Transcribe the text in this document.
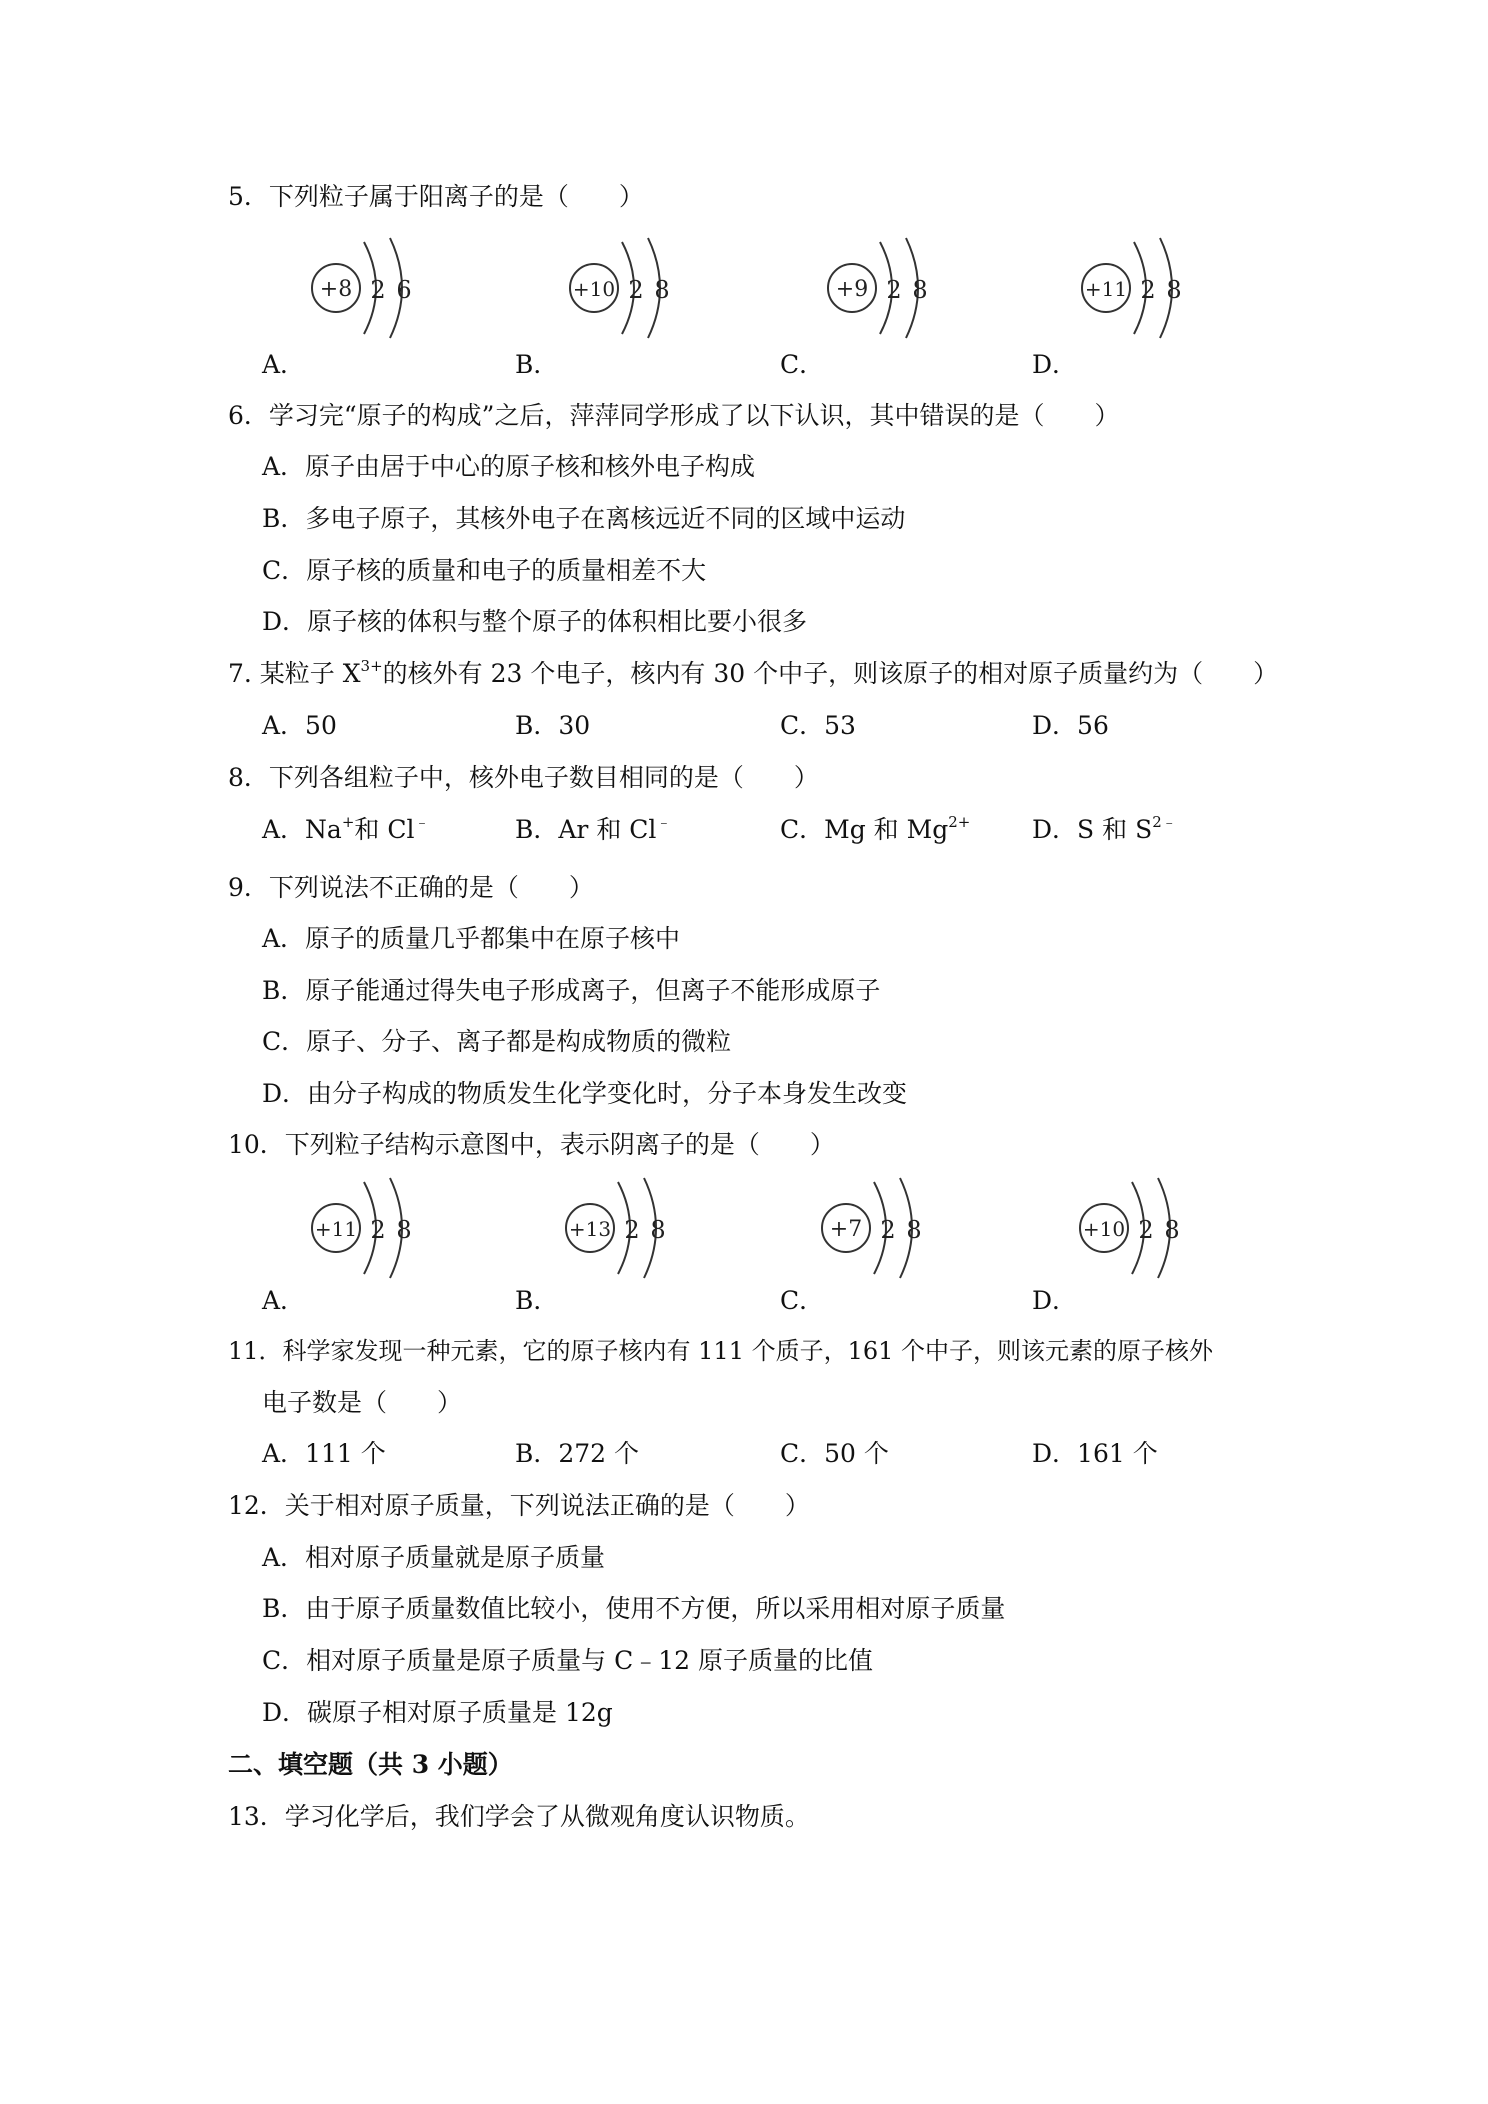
5．下列粒子属于阳离子的是（　　）
A．
+8 2 6
B．
+10 2 8
C．
+9 2 8
D．
+11 2 8
6．学习完“原子的构成”之后，萍萍同学形成了以下认识，其中错误的是（　　）
A．原子由居于中心的原子核和核外电子构成
B．多电子原子，其核外电子在离核远近不同的区域中运动
C．原子核的质量和电子的质量相差不大
D．原子核的体积与整个原子的体积相比要小很多
7. 某粒子 $X^{3+}$的核外有 23 个电子，核内有 30 个中子，则该原子的相对原子质量约为（　　）
A．50	B．30	C．53	D．56
8．下列各组粒子中，核外电子数目相同的是（　　）
A．Na+和 Cl﹣	B．Ar 和 Cl﹣	C．Mg 和 $Mg^{2+}$ D．S 和 $S^{2﹣}$
9．下列说法不正确的是（　　）
A．原子的质量几乎都集中在原子核中
B．原子能通过得失电子形成离子，但离子不能形成原子
C．原子、分子、离子都是构成物质的微粒
D．由分子构成的物质发生化学变化时，分子本身发生改变
10．下列粒子结构示意图中，表示阴离子的是（　　）
A．
+11 2 8
B．
+13 2 8
C．
+7 2 8
D．
+10 2 8
11．科学家发现一种元素，它的原子核内有 111 个质子，161 个中子，则该元素的原子核外
电子数是（　　）
A．111 个	B．272 个	C．50 个	D．161 个
12．关于相对原子质量，下列说法正确的是（　　）
A．相对原子质量就是原子质量
B．由于原子质量数值比较小，使用不方便，所以采用相对原子质量
C．相对原子质量是原子质量与 C﹣12 原子质量的比值
D．碳原子相对原子质量是 12g
二、填空题（共 3 小题）
13．学习化学后，我们学会了从微观角度认识物质。
